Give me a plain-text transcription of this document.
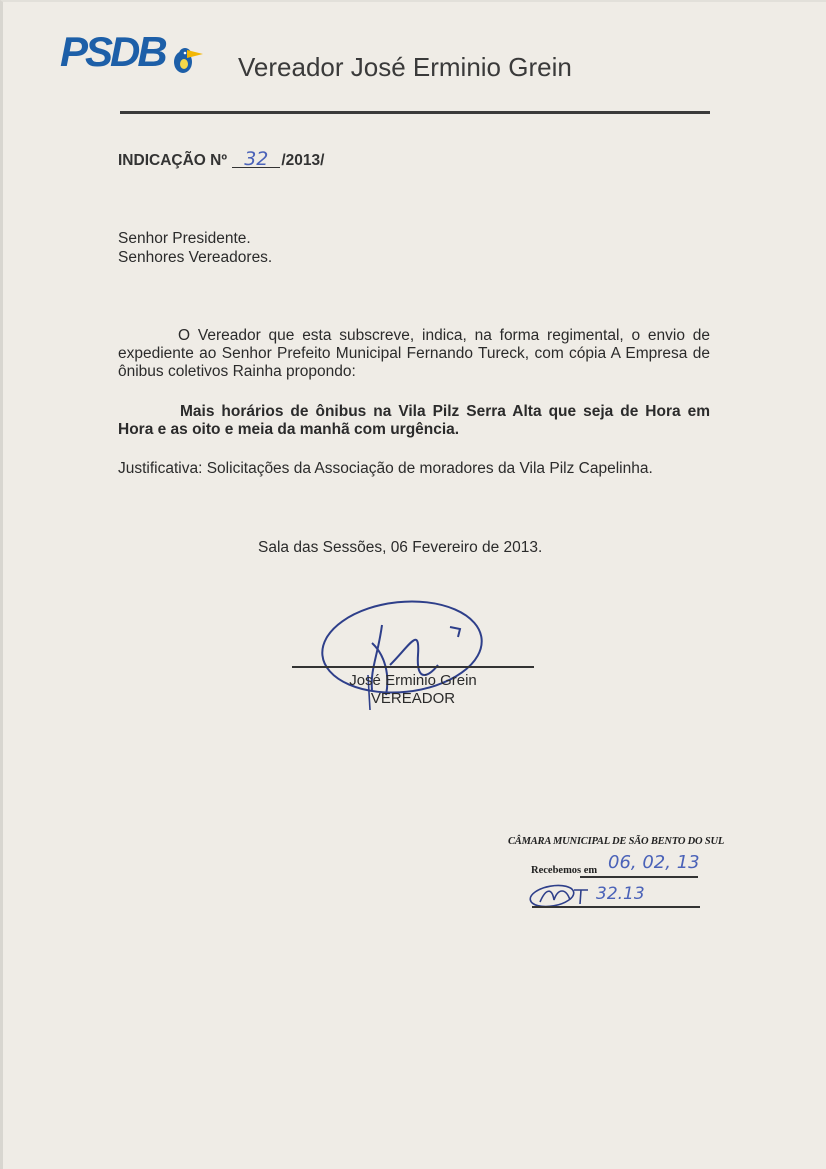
PSDB	Vereador José Erminio Grein
INDICAÇÃO Nº 32 /2013/
Senhor Presidente.
Senhores Vereadores.
O Vereador que esta subscreve, indica, na forma regimental, o envio de expediente ao Senhor Prefeito Municipal Fernando Tureck, com cópia A Empresa de ônibus coletivos Rainha propondo:
Mais horários de ônibus na Vila Pilz Serra Alta que seja de Hora em Hora e as oito e meia da manhã com urgência.
Justificativa: Solicitações da Associação de moradores da Vila Pilz Capelinha.
Sala das Sessões, 06 Fevereiro de 2013.
José Erminio Grein
VEREADOR
CÂMARA MUNICIPAL DE SÃO BENTO DO SUL
Recebemos em 06, 02, 13
32.13
